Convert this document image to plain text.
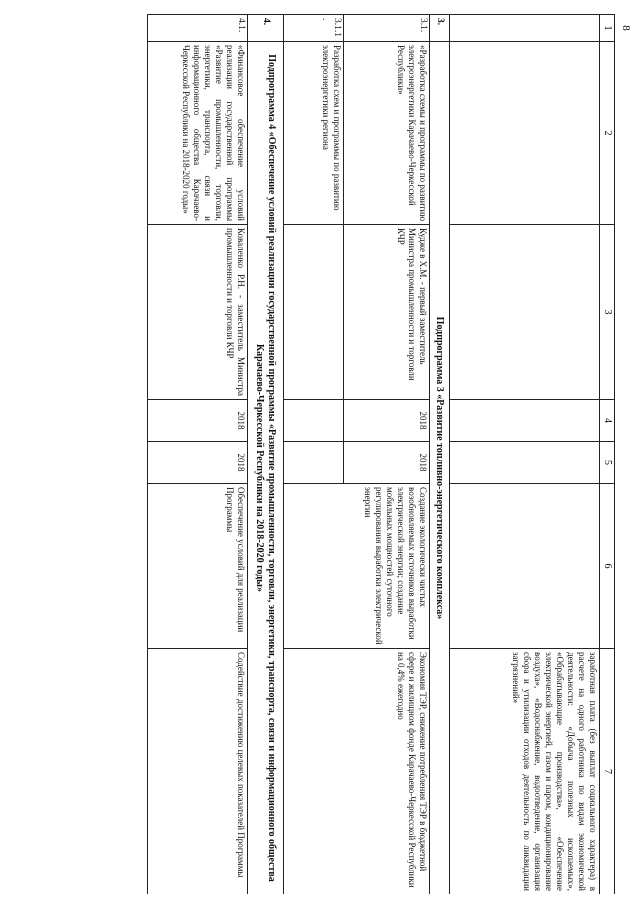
8
1	2	3	4	5	6	7
						заработная плата (без выплат социального характера) в расчете на одного работника по видам экономической деятельности: «Добыча полезных ископаемых», «Обрабатывающие производства», «Обеспечение электрической энергией, газом и паром, кондиционирование воздуха», «Водоснабжение, водоотведение, организация сбора и утилизации отходов деятельность по ликвидации загрязнений»
3.	Подпрограмма 3 «Развитие топливно-энергетического комплекса»					
3.1.	«Разработка схемы и программы по развитию электроэнергетики Карачаево-Черкесской Республики»	Кудже в Х.М. - первый заместитель Министра промышленности и торговли КЧР	2018	2018	Создание экологически чистых возобновляемых источников выработки электрической энергии; создание мобильных мощностей суточного регулирования выработки электрической энергии	Экономия ТЭР, снижение потребления ТЭР в бюджетной сфере и жилищном фонде Карачаево-Черкесской Республики на 0,4% ежегодно
3.1.1.	Разработка схем и программы по развитию электроэнергетики региона					
4.	Подпрограмма 4 «Обеспечение условий реализации государственной программы «Развитие промышленности, торговли, энергетики, транспорта, связи и информационного общества Карачаево-Черкесской Республики на 2018-2020 годы»					
4.1.	«Финансовое обеспечение условий реализации государственной программы «Развитие промышленности, торговли, энергетики, транспорта, связи и информационного общества Карачаево-Черкесской Республики на 2018-2020 годы»	Коваленко Р.Н. - заместитель Министра промышленности и торговли КЧР	2018	2018	Обеспечение условий для реализации Программы	Содействие достижению целевых показателей Программы
